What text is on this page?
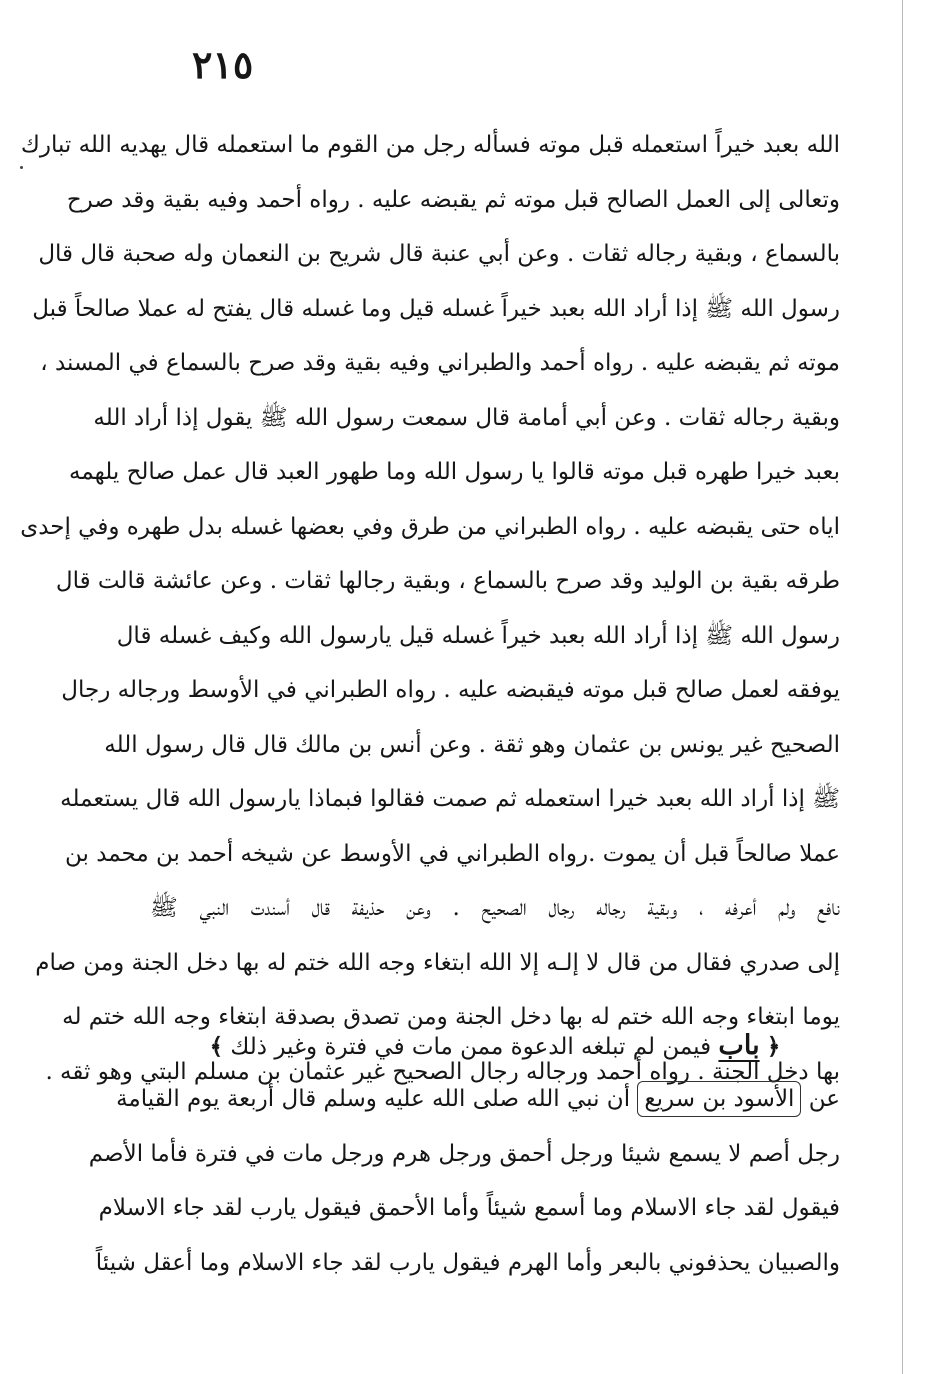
٢١٥
الله بعبد خيراً استعمله قبل موته فسأله رجل من القوم ما استعمله قال يهديه الله تبارك
وتعالى إلى العمل الصالح قبل موته ثم يقبضه عليه . رواه أحمد وفيه بقية وقد صرح
بالسماع ، وبقية رجاله ثقات . وعن أبي عنبة قال شريح بن النعمان وله صحبة قال قال
رسول الله ﷺ إذا أراد الله بعبد خيراً غسله قيل وما غسله قال يفتح له عملا صالحاً قبل
موته ثم يقبضه عليه . رواه أحمد والطبراني وفيه بقية وقد صرح بالسماع في المسند ،
وبقية رجاله ثقات . وعن أبي أمامة قال سمعت رسول الله ﷺ يقول إذا أراد الله
بعبد خيرا طهره قبل موته قالوا يا رسول الله وما طهور العبد قال عمل صالح يلهمه
اياه حتى يقبضه عليه . رواه الطبراني من طرق وفي بعضها غسله بدل طهره وفي إحدى
طرقه بقية بن الوليد وقد صرح بالسماع ، وبقية رجالها ثقات . وعن عائشة قالت قال
رسول الله ﷺ إذا أراد الله بعبد خيراً غسله قيل يارسول الله وكيف غسله قال
يوفقه لعمل صالح قبل موته فيقبضه عليه . رواه الطبراني في الأوسط ورجاله رجال
الصحيح غير يونس بن عثمان وهو ثقة . وعن أنس بن مالك قال قال رسول الله
ﷺ إذا أراد الله بعبد خيرا استعمله ثم صمت فقالوا فبماذا يارسول الله قال يستعمله
عملا صالحاً قبل أن يموت .رواه الطبراني في الأوسط عن شيخه أحمد بن محمد بن
نافع ولم أعرفه ، وبقية رجاله رجال الصحيح . وعن حذيفة قال أسندت النبي ﷺ
إلى صدري فقال من قال لا إلـه إلا الله ابتغاء وجه الله ختم له بها دخل الجنة ومن صام
يوما ابتغاء وجه الله ختم له بها دخل الجنة ومن تصدق بصدقة ابتغاء وجه الله ختم له
بها دخل الجنة . رواه أحمد ورجاله رجال الصحيح غير عثمان بن مسلم البتي وهو ثقه .
﴿ باب فيمن لم تبلغه الدعوة ممن مات في فترة وغير ذلك ﴾
عن الأسود بن سريع أن نبي الله صلى الله عليه وسلم قال أربعة يوم القيامة
رجل أصم لا يسمع شيئا ورجل أحمق ورجل هرم ورجل مات في فترة فأما الأصم
فيقول لقد جاء الاسلام وما أسمع شيئاً وأما الأحمق فيقول يارب لقد جاء الاسلام
والصبيان يحذفوني بالبعر وأما الهرم فيقول يارب لقد جاء الاسلام وما أعقل شيئاً
